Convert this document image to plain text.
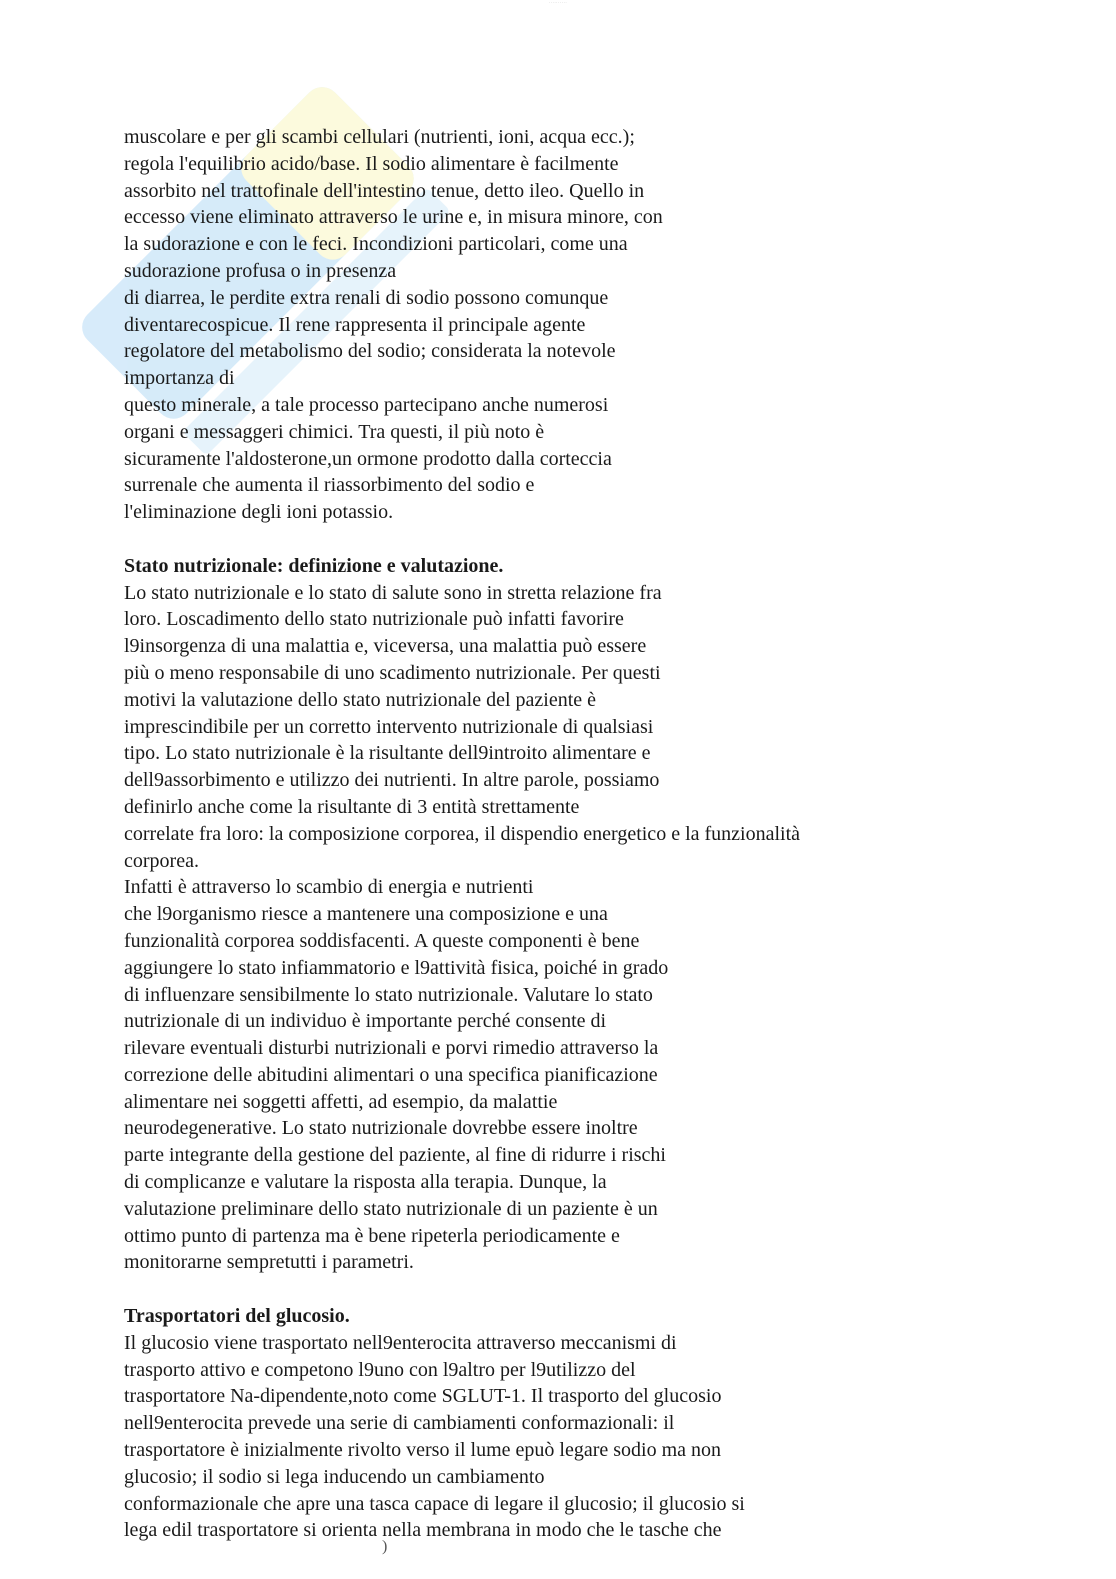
··········
muscolare e per gli scambi cellulari (nutrienti, ioni, acqua ecc.);
regola l'equilibrio acido/base. Il sodio alimentare è facilmente
assorbito nel trattofinale dell'intestino tenue, detto ileo. Quello in
eccesso viene eliminato attraverso le urine e, in misura minore, con
la sudorazione e con le feci. Incondizioni particolari, come una
sudorazione profusa o in presenza
di diarrea, le perdite extra renali di sodio possono comunque
diventarecospicue. Il rene rappresenta il principale agente
regolatore del metabolismo del sodio; considerata la notevole
importanza di
questo minerale, a tale processo partecipano anche numerosi
organi e messaggeri chimici. Tra questi, il più noto è
sicuramente l'aldosterone,un ormone prodotto dalla corteccia
surrenale che aumenta il riassorbimento del sodio e
l'eliminazione degli ioni potassio.
Stato nutrizionale: definizione e valutazione.
Lo stato nutrizionale e lo stato di salute sono in stretta relazione fra
loro. Loscadimento dello stato nutrizionale può infatti favorire
l9insorgenza di una malattia e, viceversa, una malattia può essere
più o meno responsabile di uno scadimento nutrizionale. Per questi
motivi la valutazione dello stato nutrizionale del paziente è
imprescindibile per un corretto intervento nutrizionale di qualsiasi
tipo. Lo stato nutrizionale è la risultante dell9introito alimentare e
dell9assorbimento e utilizzo dei nutrienti. In altre parole, possiamo
definirlo anche come la risultante di 3 entità strettamente
correlate fra loro: la composizione corporea, il dispendio energetico e la funzionalità
corporea.
Infatti è attraverso lo scambio di energia e nutrienti
che l9organismo riesce a mantenere una composizione e una
funzionalità corporea soddisfacenti. A queste componenti è bene
aggiungere lo stato infiammatorio e l9attività fisica, poiché in grado
di influenzare sensibilmente lo stato nutrizionale. Valutare lo stato
nutrizionale di un individuo è importante perché consente di
rilevare eventuali disturbi nutrizionali e porvi rimedio attraverso la
correzione delle abitudini alimentari o una specifica pianificazione
alimentare nei soggetti affetti, ad esempio, da malattie
neurodegenerative. Lo stato nutrizionale dovrebbe essere inoltre
parte integrante della gestione del paziente, al fine di ridurre i rischi
di complicanze e valutare la risposta alla terapia. Dunque, la
valutazione preliminare dello stato nutrizionale di un paziente è un
ottimo punto di partenza ma è bene ripeterla periodicamente e
monitorarne sempretutti i parametri.
Trasportatori del glucosio.
Il glucosio viene trasportato nell9enterocita attraverso meccanismi di
trasporto attivo e competono l9uno con l9altro per l9utilizzo del
trasportatore Na-dipendente,noto come SGLUT-1. Il trasporto del glucosio
nell9enterocita prevede una serie di cambiamenti conformazionali: il
trasportatore è inizialmente rivolto verso il lume epuò legare sodio ma non
glucosio; il sodio si lega inducendo un cambiamento
conformazionale che apre una tasca capace di legare il glucosio; il glucosio si
lega edil trasportatore si orienta nella membrana in modo che le tasche che
)
